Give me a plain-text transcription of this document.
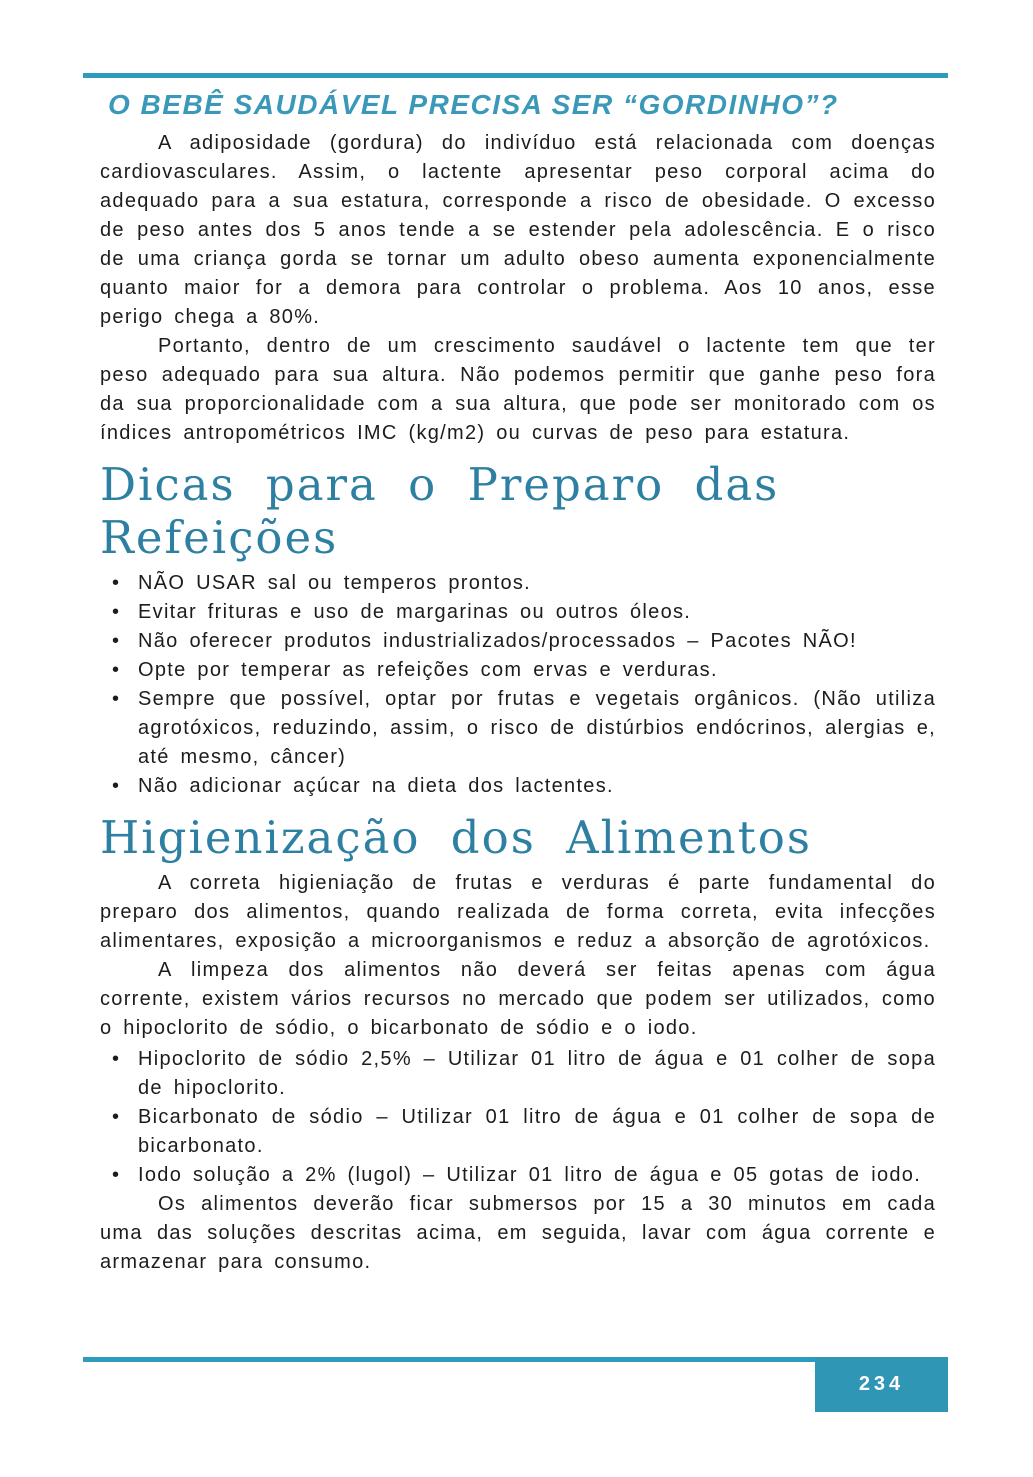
O BEBÊ SAUDÁVEL PRECISA SER “GORDINHO”?

A adiposidade (gordura) do indivíduo está relacionada com doenças cardiovasculares. Assim, o lactente apresentar peso corporal acima do adequado para a sua estatura, corresponde a risco de obesidade. O excesso de peso antes dos 5 anos tende a se estender pela adolescência. E o risco de uma criança gorda se tornar um adulto obeso aumenta exponencialmente quanto maior for a demora para controlar o problema. Aos 10 anos, esse perigo chega a 80%.

Portanto, dentro de um crescimento saudável o lactente tem que ter peso adequado para sua altura. Não podemos permitir que ganhe peso fora da sua proporcionalidade com a sua altura, que pode ser monitorado com os índices antropométricos IMC (kg/m2) ou curvas de peso para estatura.

Dicas para o Preparo das Refeições
•
NÃO USAR sal ou temperos prontos.
•
Evitar frituras e uso de margarinas ou outros óleos.
•
Não oferecer produtos industrializados/processados – Pacotes NÃO!
•
Opte por temperar as refeições com ervas e verduras.
•
Sempre que possível, optar por frutas e vegetais orgânicos. (Não utiliza agrotóxicos, reduzindo, assim, o risco de distúrbios endócrinos, alergias e, até mesmo, câncer)
•
Não adicionar açúcar na dieta dos lactentes.
Higienização dos Alimentos

A correta higieniação de frutas e verduras é parte fundamental do preparo dos alimentos, quando realizada de forma correta, evita infecções alimentares, exposição a microorganismos e reduz a absorção de agrotóxicos.

A limpeza dos alimentos não deverá ser feitas apenas com água corrente, existem vários recursos no mercado que podem ser utilizados, como o hipoclorito de sódio, o bicarbonato de sódio e o iodo.

•
Hipoclorito de sódio 2,5% – Utilizar 01 litro de água e 01 colher de sopa de hipoclorito.
•
Bicarbonato de sódio – Utilizar 01 litro de água e 01 colher de sopa de bicarbonato.
•
Iodo solução a 2% (lugol) – Utilizar 01 litro de água e 05 gotas de iodo.

Os alimentos deverão ficar submersos por 15 a 30 minutos em cada uma das soluções descritas acima, em seguida, lavar com água corrente e armazenar para consumo.

234
